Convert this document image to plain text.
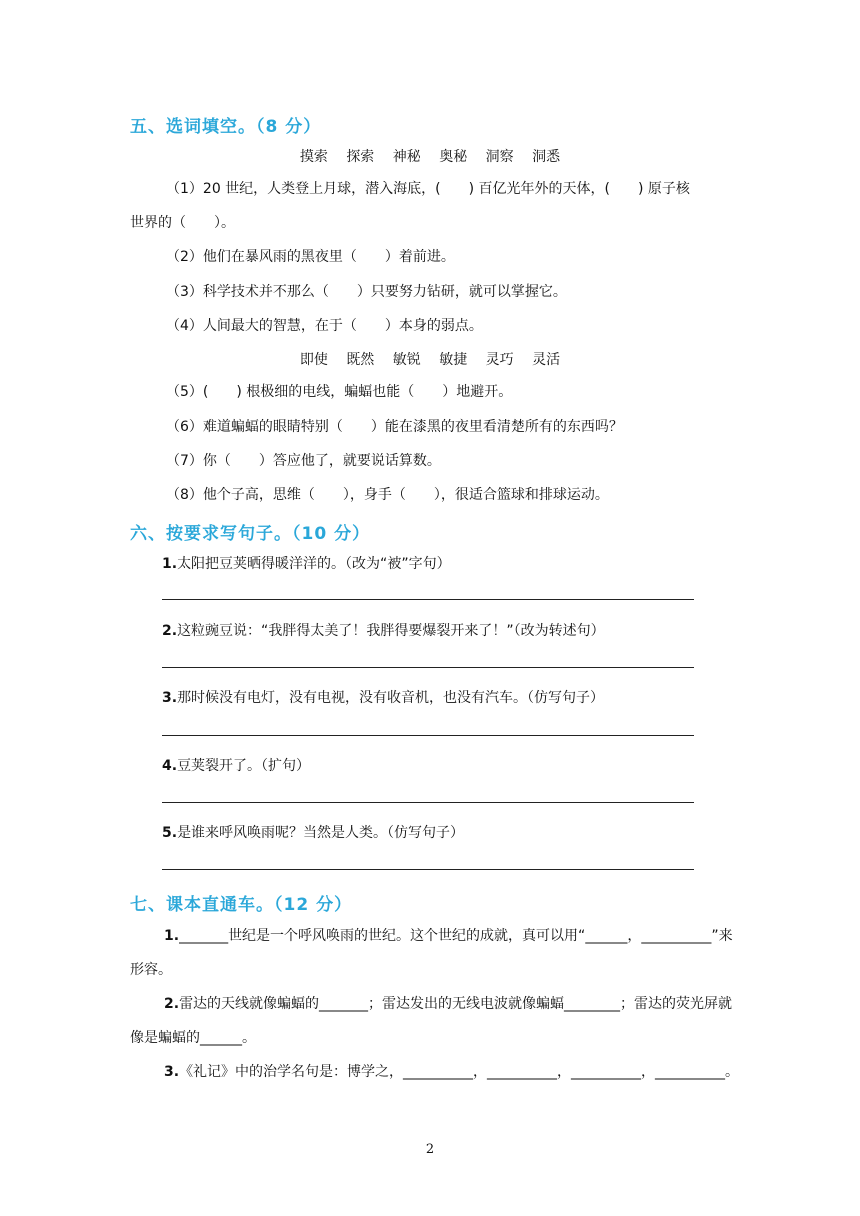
五、选词填空。（8 分）
摸索 探索 神秘 奥秘 洞察 洞悉
（1）20 世纪，人类登上月球，潜入海底，(　　) 百亿光年外的天体，(　　) 原子核
世界的（　　）。
（2）他们在暴风雨的黑夜里（　　）着前进。
（3）科学技术并不那么（　　）只要努力钻研，就可以掌握它。
（4）人间最大的智慧，在于（　　）本身的弱点。
即使 既然 敏锐 敏捷 灵巧 灵活
（5）(　　) 根极细的电线，蝙蝠也能（　　）地避开。
（6）难道蝙蝠的眼睛特别（　　）能在漆黑的夜里看清楚所有的东西吗？
（7）你（　　）答应他了，就要说话算数。
（8）他个子高，思维（　　），身手（　　），很适合篮球和排球运动。
六、按要求写句子。（10 分）
1.太阳把豆荚晒得暖洋洋的。（改为“被”字句）
2.这粒豌豆说：“我胖得太美了！我胖得要爆裂开来了！”（改为转述句）
3.那时候没有电灯，没有电视，没有收音机，也没有汽车。（仿写句子）
4.豆荚裂开了。（扩句）
5.是谁来呼风唤雨呢？当然是人类。（仿写句子）
七、课本直通车。（12 分）
1._______世纪是一个呼风唤雨的世纪。这个世纪的成就，真可以用“______，__________”来形容。
2.雷达的天线就像蝙蝠的_______；雷达发出的无线电波就像蝙蝠________；雷达的荧光屏就像是蝙蝠的______。
3.《礼记》中的治学名句是：博学之，__________，__________，__________，__________。
2
